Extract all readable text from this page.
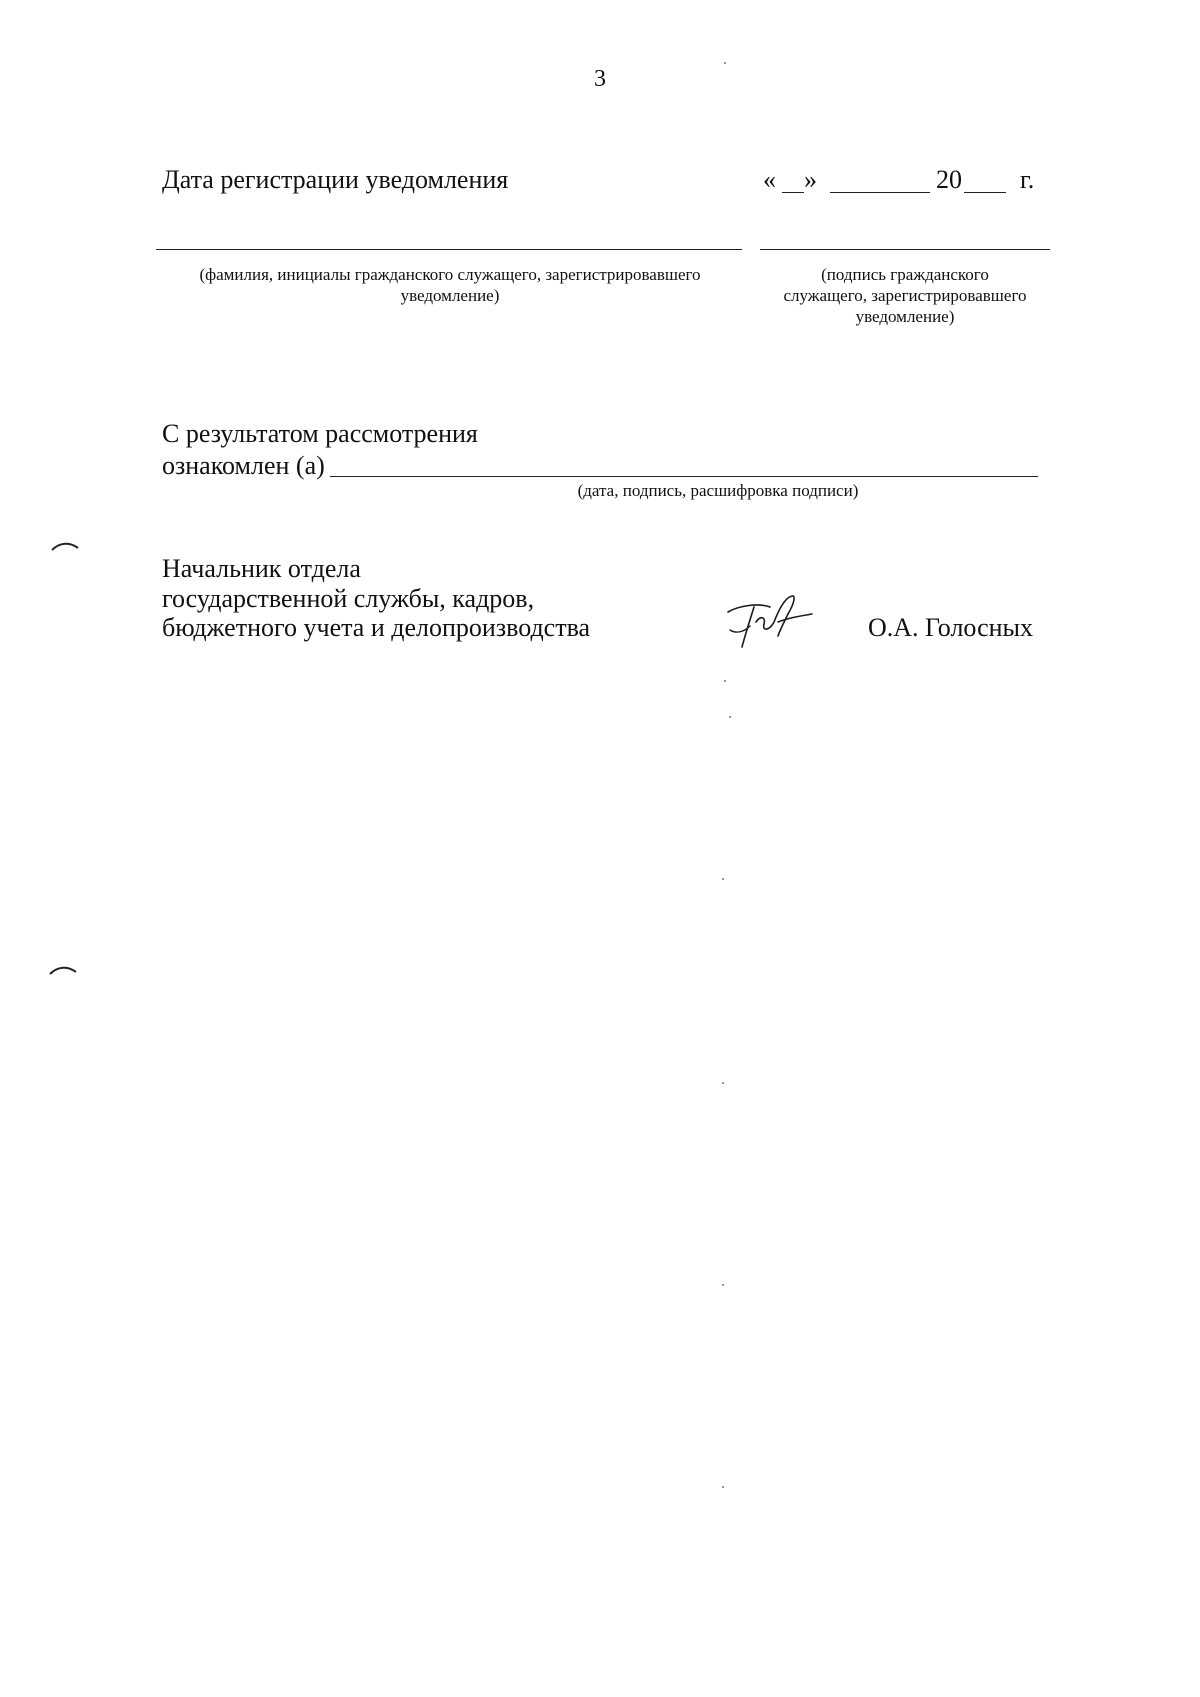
3
Дата регистрации уведомления	« »	20 г.
(фамилия, инициалы гражданского служащего, зарегистрировавшего уведомление)
(подпись гражданского
служащего, зарегистрировавшего
уведомление)
С результатом рассмотрения
ознакомлен (а)
(дата, подпись, расшифровка подписи)
Начальник отдела
государственной службы, кадров,
бюджетного учета и делопроизводства	О.А. Голосных
